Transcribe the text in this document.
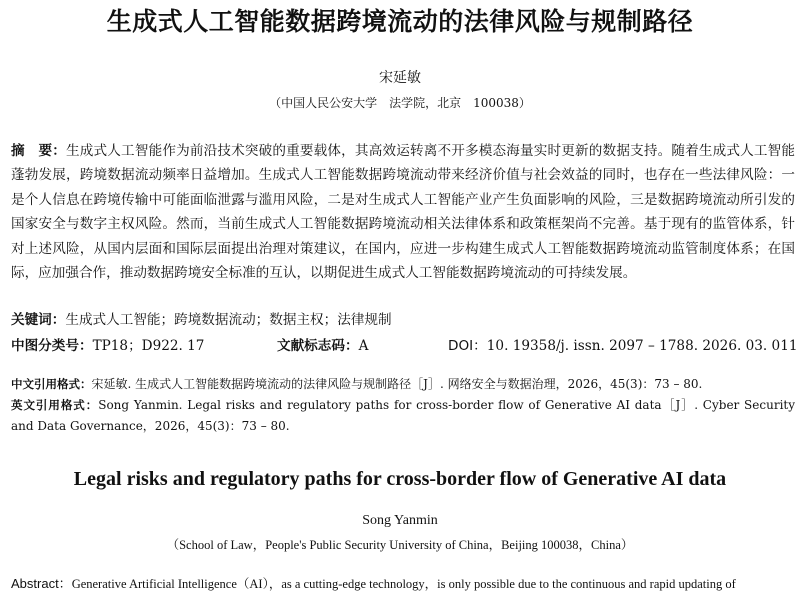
生成式人工智能数据跨境流动的法律风险与规制路径
宋延敏
（中国人民公安大学　法学院，北京　100038）

摘　要：生成式人工智能作为前沿技术突破的重要载体，其高效运转离不开多模态海量实时更新的数据支持。随着生成式人工智能蓬勃发展，跨境数据流动频率日益增加。生成式人工智能数据跨境流动带来经济价值与社会效益的同时，也存在一些法律风险：一是个人信息在跨境传输中可能面临泄露与滥用风险，二是对生成式人工智能产业产生负面影响的风险，三是数据跨境流动所引发的国家安全与数字主权风险。然而，当前生成式人工智能数据跨境流动相关法律体系和政策框架尚不完善。基于现有的监管体系，针对上述风险，从国内层面和国际层面提出治理对策建议，在国内，应进一步构建生成式人工智能数据跨境流动监管制度体系；在国际，应加强合作，推动数据跨境安全标准的互认，以期促进生成式人工智能数据跨境流动的可持续发展。

关键词：生成式人工智能；跨境数据流动；数据主权；法律规制
中图分类号：TP18；D922. 17	文献标志码：A	DOI：10. 19358/j. issn. 2097 – 1788. 2026. 03. 011

中文引用格式：宋延敏. 生成式人工智能数据跨境流动的法律风险与规制路径［J］. 网络安全与数据治理，2026，45(3)：73 – 80.

英文引用格式：Song Yanmin. Legal risks and regulatory paths for cross-border flow of Generative AI data［J］. Cyber Security and Data Governance，2026，45(3)：73 – 80.

Legal risks and regulatory paths for cross-border flow of Generative AI data
Song Yanmin
（School of Law，People's Public Security University of China，Beijing 100038，China）

Abstract：Generative Artificial Intelligence（AI），as a cutting-edge technology，is only possible due to the continuous and rapid updating of
